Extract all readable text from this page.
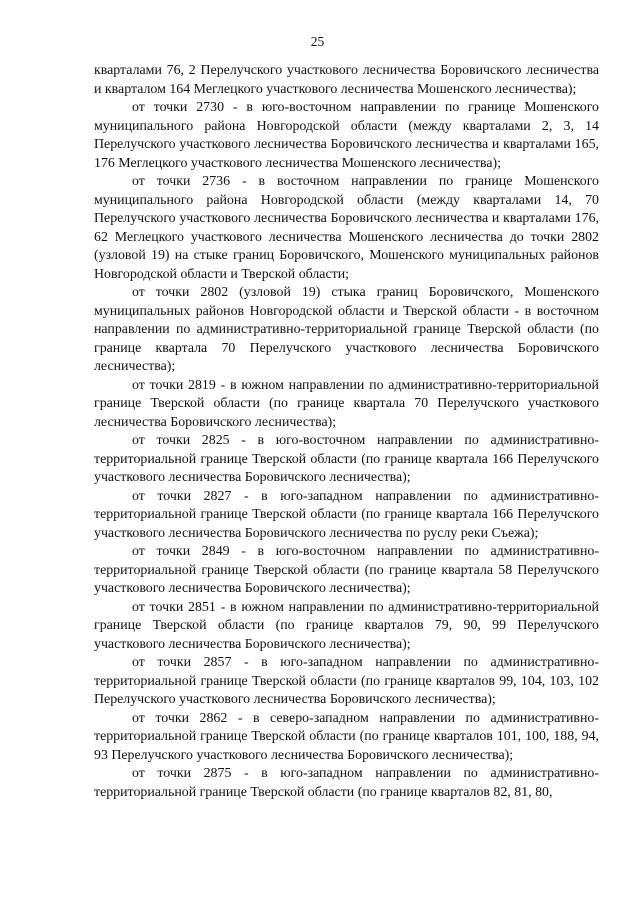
25

кварталами 76, 2 Перелучского участкового лесничества Боровичского лесничества и кварталом 164 Меглецкого участкового лесничества Мошенского лесничества);

от точки 2730 - в юго-восточном направлении по границе Мошенского муниципального района Новгородской области (между кварталами 2, 3, 14 Перелучского участкового лесничества Боровичского лесничества и кварталами 165, 176 Меглецкого участкового лесничества Мошенского лесничества);

от точки 2736 - в восточном направлении по границе Мошенского муниципального района Новгородской области (между кварталами 14, 70 Перелучского участкового лесничества Боровичского лесничества и кварталами 176, 62 Меглецкого участкового лесничества Мошенского лесничества до точки 2802 (узловой 19) на стыке границ Боровичского, Мошенского муниципальных районов Новгородской области и Тверской области;

от точки 2802 (узловой 19) стыка границ Боровичского, Мошенского муниципальных районов Новгородской области и Тверской области - в восточном направлении по административно-территориальной границе Тверской области (по границе квартала 70 Перелучского участкового лесничества Боровичского лесничества);

от точки 2819 - в южном направлении по административно-территориальной границе Тверской области (по границе квартала 70 Перелучского участкового лесничества Боровичского лесничества);

от точки 2825 - в юго-восточном направлении по административно-территориальной границе Тверской области (по границе квартала 166 Перелучского участкового лесничества Боровичского лесничества);

от точки 2827 - в юго-западном направлении по административно-территориальной границе Тверской области (по границе квартала 166 Перелучского участкового лесничества Боровичского лесничества по руслу реки Съежа);

от точки 2849 - в юго-восточном направлении по административно-территориальной границе Тверской области (по границе квартала 58 Перелучского участкового лесничества Боровичского лесничества);

от точки 2851 - в южном направлении по административно-территориальной границе Тверской области (по границе кварталов 79, 90, 99 Перелучского участкового лесничества Боровичского лесничества);

от точки 2857 - в юго-западном направлении по административно-территориальной границе Тверской области (по границе кварталов 99, 104, 103, 102 Перелучского участкового лесничества Боровичского лесничества);

от точки 2862 - в северо-западном направлении по административно-территориальной границе Тверской области (по границе кварталов 101, 100, 188, 94, 93 Перелучского участкового лесничества Боровичского лесничества);

от точки 2875 - в юго-западном направлении по административно-территориальной границе Тверской области (по границе кварталов 82, 81, 80,
